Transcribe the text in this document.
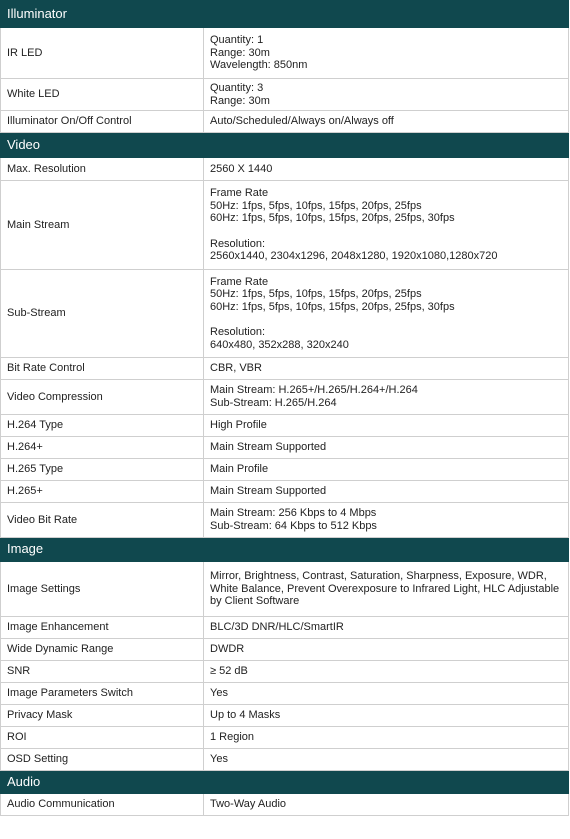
Illuminator	
IR LED	Quantity: 1
Range: 30m
Wavelength: 850nm

White LED	Quantity: 3
Range: 30m

Illuminator On/Off Control	Auto/Scheduled/Always on/Always off

Video	
Max. Resolution	2560 X 1440

Main Stream	Frame Rate
50Hz: 1fps, 5fps, 10fps, 15fps, 20fps, 25fps
60Hz: 1fps, 5fps, 10fps, 15fps, 20fps, 25fps, 30fps
Resolution:
2560x1440, 2304x1296, 2048x1280, 1920x1080,1280x720

Sub-Stream	Frame Rate
50Hz: 1fps, 5fps, 10fps, 15fps, 20fps, 25fps
60Hz: 1fps, 5fps, 10fps, 15fps, 20fps, 25fps, 30fps
Resolution:
640x480, 352x288, 320x240

Bit Rate Control	CBR, VBR

Video Compression	Main Stream: H.265+/H.265/H.264+/H.264
Sub-Stream: H.265/H.264

H.264 Type	High Profile

H.264+	Main Stream Supported

H.265 Type	Main Profile

H.265+	Main Stream Supported

Video Bit Rate	Main Stream: 256 Kbps to 4 Mbps
Sub-Stream: 64 Kbps to 512 Kbps

Image	
Image Settings	Mirror, Brightness, Contrast, Saturation, Sharpness, Exposure, WDR,
White Balance, Prevent Overexposure to Infrared Light, HLC Adjustable
by Client Software

Image Enhancement	BLC/3D DNR/HLC/SmartIR

Wide Dynamic Range	DWDR

SNR	≥ 52 dB

Image Parameters Switch	Yes

Privacy Mask	Up to 4 Masks

ROI	1 Region

OSD Setting	Yes

Audio	
Audio Communication	Two-Way Audio
